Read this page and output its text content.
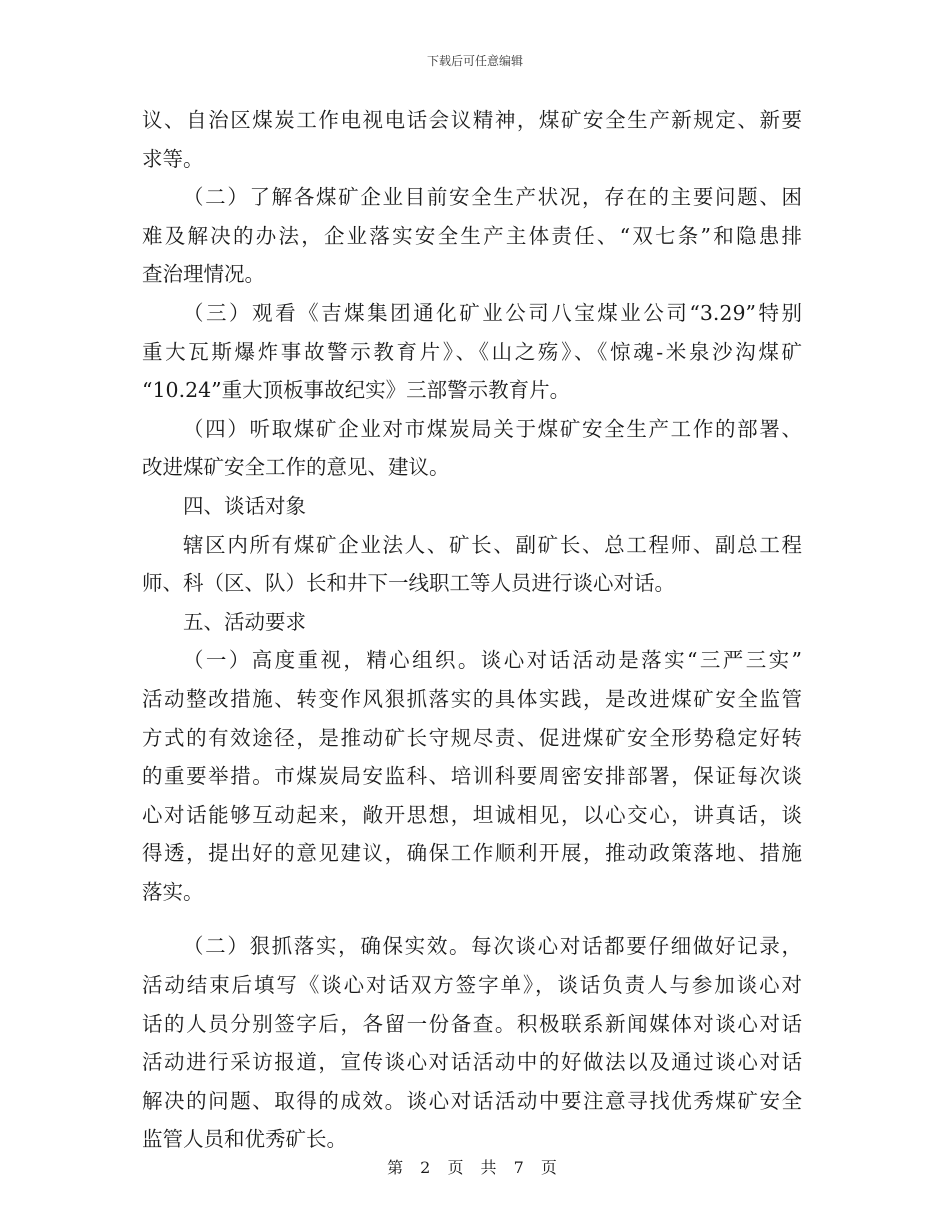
下载后可任意编辑
议、自治区煤炭工作电视电话会议精神，煤矿安全生产新规定、新要
求等。
（二）了解各煤矿企业目前安全生产状况，存在的主要问题、困
难及解决的办法，企业落实安全生产主体责任、“双七条”和隐患排
查治理情况。
（三）观看《吉煤集团通化矿业公司八宝煤业公司“3.29”特别
重大瓦斯爆炸事故警示教育片》、《山之殇》、《惊魂-米泉沙沟煤矿
“10.24”重大顶板事故纪实》三部警示教育片。
（四）听取煤矿企业对市煤炭局关于煤矿安全生产工作的部署、
改进煤矿安全工作的意见、建议。
四、谈话对象
辖区内所有煤矿企业法人、矿长、副矿长、总工程师、副总工程
师、科（区、队）长和井下一线职工等人员进行谈心对话。
五、活动要求
（一）高度重视，精心组织。谈心对话活动是落实“三严三实”
活动整改措施、转变作风狠抓落实的具体实践，是改进煤矿安全监管
方式的有效途径，是推动矿长守规尽责、促进煤矿安全形势稳定好转
的重要举措。市煤炭局安监科、培训科要周密安排部署，保证每次谈
心对话能够互动起来，敞开思想，坦诚相见，以心交心，讲真话，谈
得透，提出好的意见建议，确保工作顺利开展，推动政策落地、措施
落实。
（二）狠抓落实，确保实效。每次谈心对话都要仔细做好记录，
活动结束后填写《谈心对话双方签字单》，谈话负责人与参加谈心对
话的人员分别签字后，各留一份备查。积极联系新闻媒体对谈心对话
活动进行采访报道，宣传谈心对话活动中的好做法以及通过谈心对话
解决的问题、取得的成效。谈心对话活动中要注意寻找优秀煤矿安全
监管人员和优秀矿长。
第 2 页 共 7 页
